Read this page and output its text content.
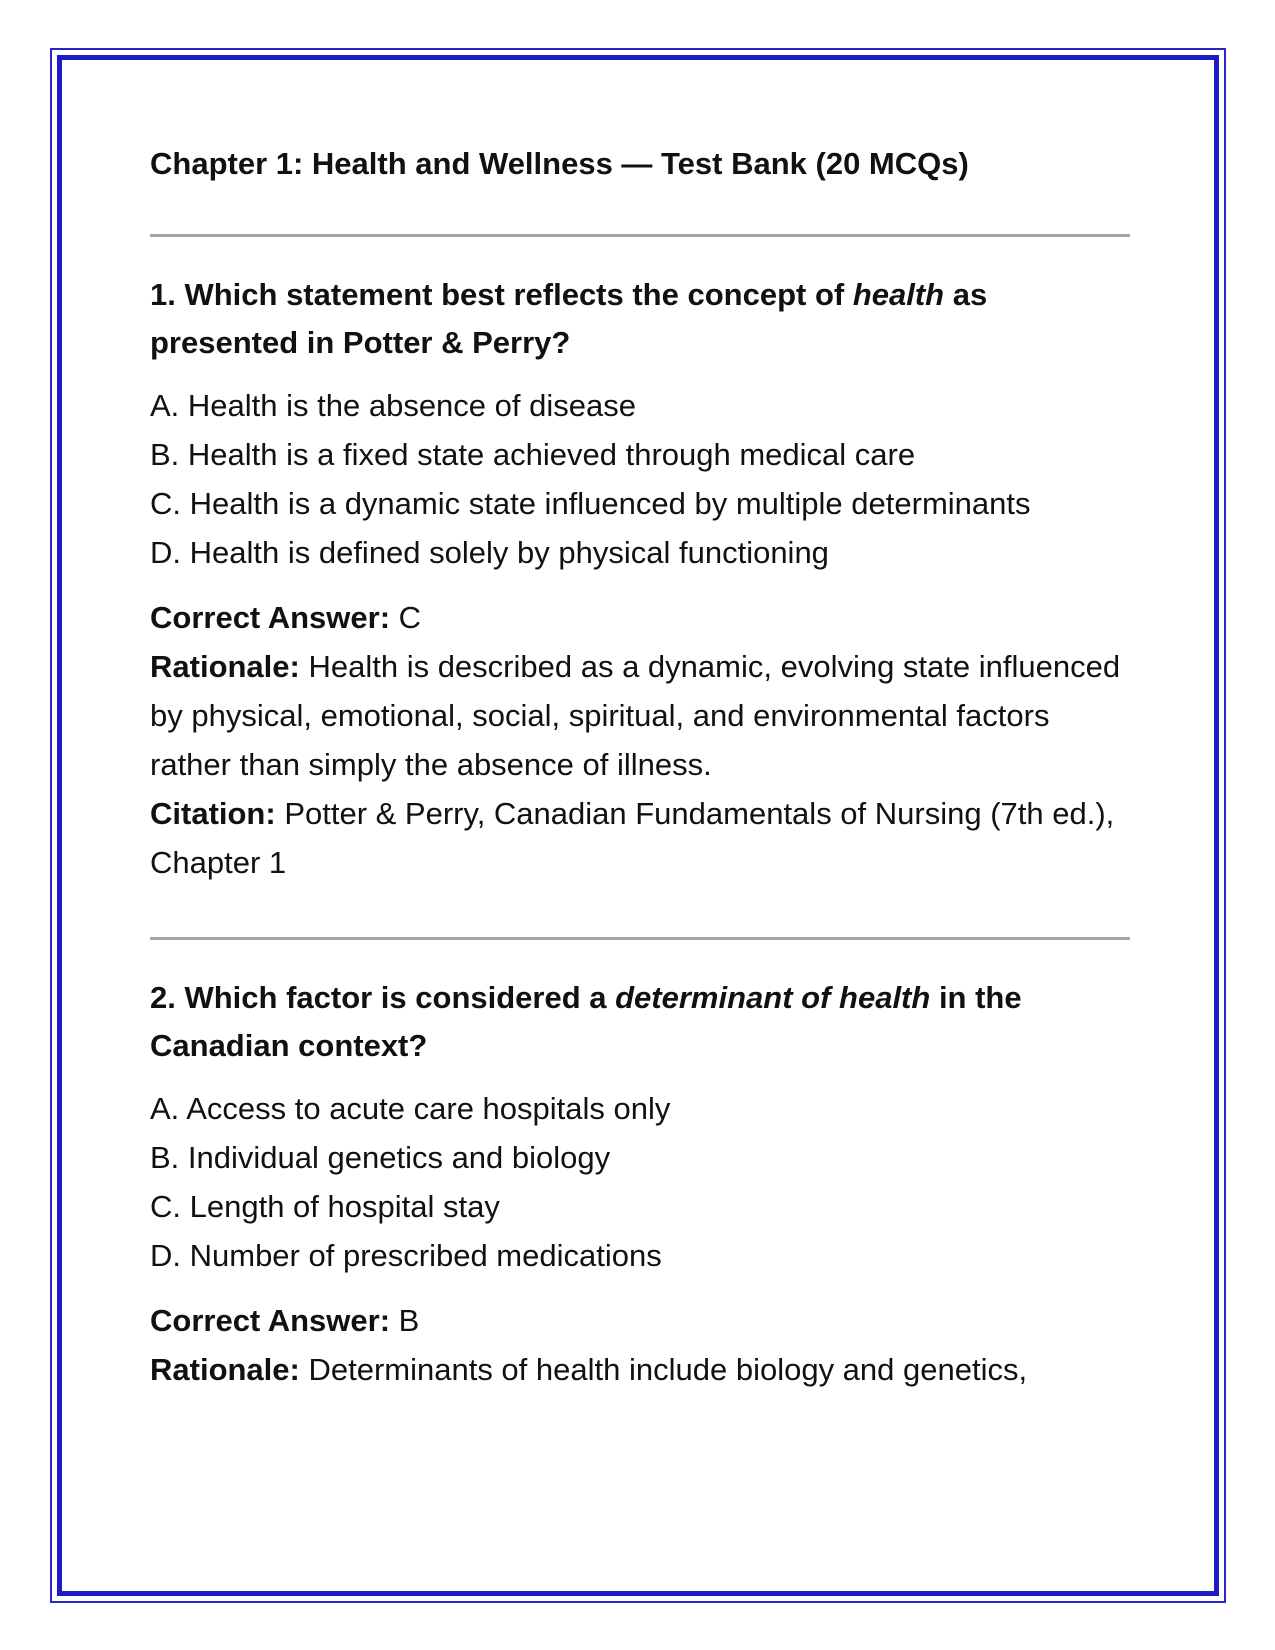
Chapter 1: Health and Wellness — Test Bank (20 MCQs)

1. Which statement best reflects the concept of health as presented in Potter & Perry?

A. Health is the absence of disease
B. Health is a fixed state achieved through medical care
C. Health is a dynamic state influenced by multiple determinants
D. Health is defined solely by physical functioning
Correct Answer: C
Rationale: Health is described as a dynamic, evolving state influenced by physical, emotional, social, spiritual, and environmental factors rather than simply the absence of illness.
Citation: Potter & Perry, Canadian Fundamentals of Nursing (7th ed.), Chapter 1

2. Which factor is considered a determinant of health in the Canadian context?

A. Access to acute care hospitals only
B. Individual genetics and biology
C. Length of hospital stay
D. Number of prescribed medications
Correct Answer: B
Rationale: Determinants of health include biology and genetics,
